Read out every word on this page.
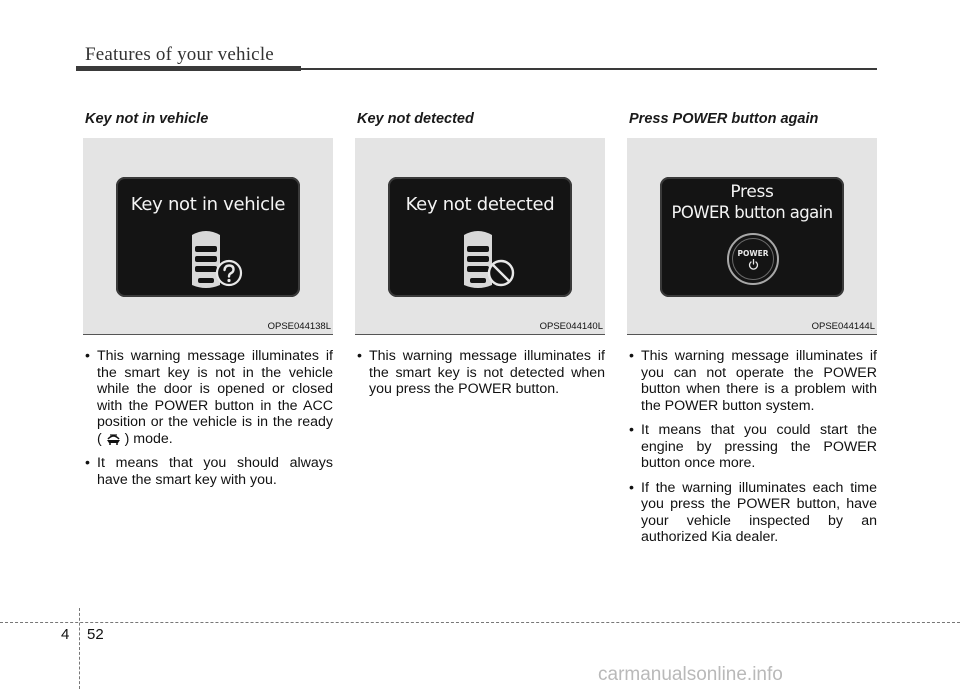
Features of your vehicle
Key not in vehicle
Key not in vehicle
OPSE044138L
• This warning message illuminates if the smart key is not in the vehicle while the door is opened or closed with the POWER button in the ACC position or the vehicle is in the ready ( ) mode.
• It means that you should always have the smart key with you.
Key not detected
Key not detected
OPSE044140L
• This warning message illuminates if the smart key is not detected when you press the POWER button.
Press POWER button again
Press
POWER button again
POWER
OPSE044144L
• This warning message illuminates if you can not operate the POWER button when there is a problem with the POWER button system.
• It means that you could start the engine by pressing the POWER button once more.
• If the warning illuminates each time you press the POWER button, have your vehicle inspected by an authorized Kia dealer.
4 52
carmanualsonline.info
